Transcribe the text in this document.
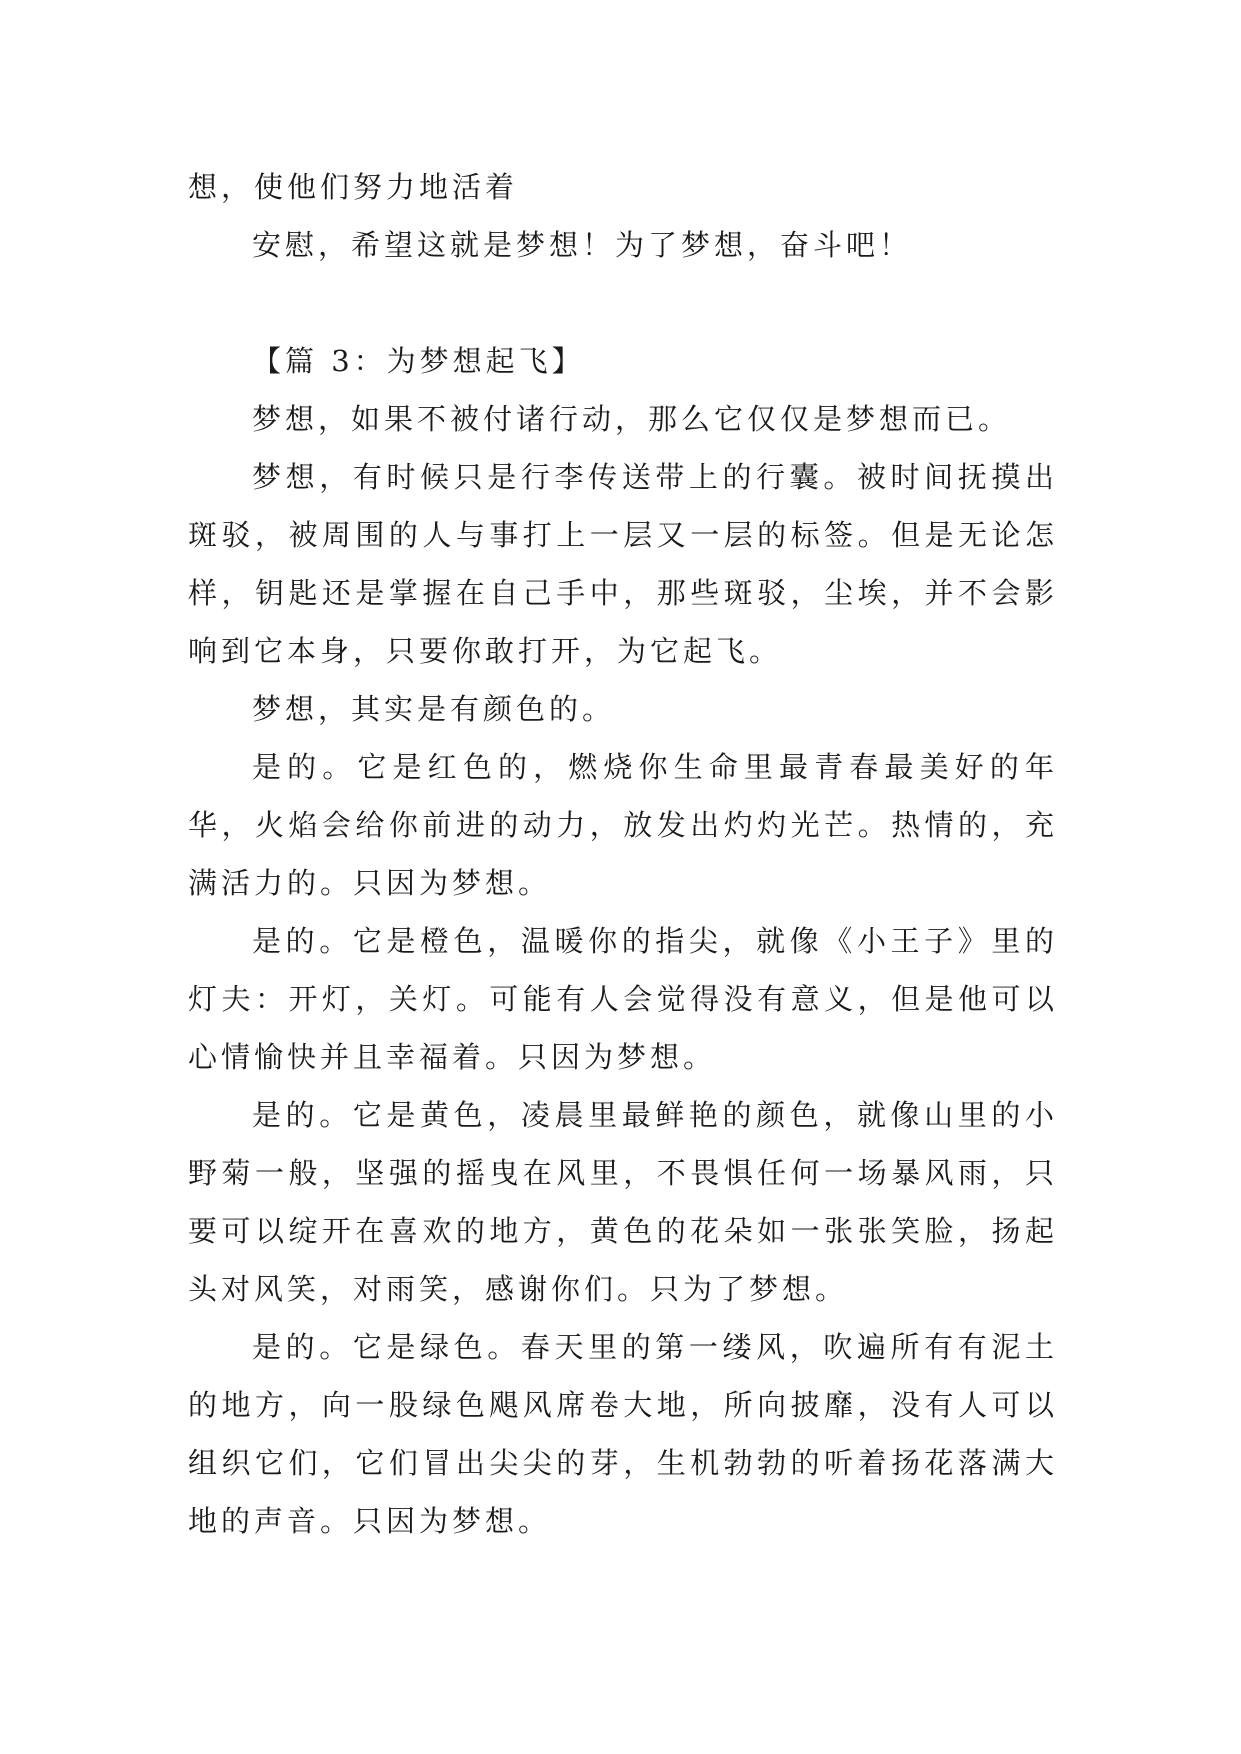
想，使他们努力地活着

安慰，希望这就是梦想！为了梦想，奋斗吧！

【篇 3：为梦想起飞】

梦想，如果不被付诸行动，那么它仅仅是梦想而已。

梦想，有时候只是行李传送带上的行囊。被时间抚摸出斑驳，被周围的人与事打上一层又一层的标签。但是无论怎样，钥匙还是掌握在自己手中，那些斑驳，尘埃，并不会影响到它本身，只要你敢打开，为它起飞。

梦想，其实是有颜色的。

是的。它是红色的，燃烧你生命里最青春最美好的年华，火焰会给你前进的动力，放发出灼灼光芒。热情的，充满活力的。只因为梦想。

是的。它是橙色，温暖你的指尖，就像《小王子》里的灯夫：开灯，关灯。可能有人会觉得没有意义，但是他可以心情愉快并且幸福着。只因为梦想。

是的。它是黄色，凌晨里最鲜艳的颜色，就像山里的小野菊一般，坚强的摇曳在风里，不畏惧任何一场暴风雨，只要可以绽开在喜欢的地方，黄色的花朵如一张张笑脸，扬起头对风笑，对雨笑，感谢你们。只为了梦想。

是的。它是绿色。春天里的第一缕风，吹遍所有有泥土的地方，向一股绿色飓风席卷大地，所向披靡，没有人可以组织它们，它们冒出尖尖的芽，生机勃勃的听着扬花落满大地的声音。只因为梦想。
